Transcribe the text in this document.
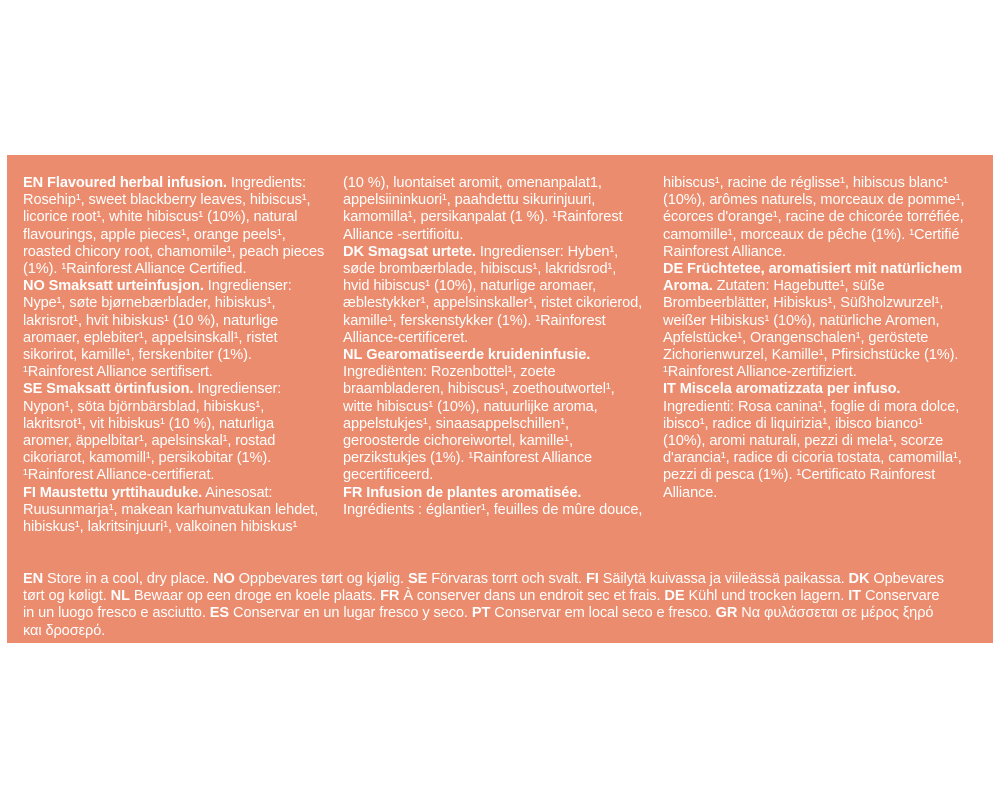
EN Flavoured herbal infusion. Ingredients: Rosehip¹, sweet blackberry leaves, hibiscus¹, licorice root¹, white hibiscus¹ (10%), natural flavourings, apple pieces¹, orange peels¹, roasted chicory root, chamomile¹, peach pieces (1%). ¹Rainforest Alliance Certified.

NO Smaksatt urteinfusjon. Ingredienser: Nype¹, søte bjørnebærblader, hibiskus¹, lakrisrot¹, hvit hibiskus¹ (10 %), naturlige aromaer, eplebiter¹, appelsinskall¹, ristet sikorirot, kamille¹, ferskenbiter (1%). ¹Rainforest Alliance sertifisert.

SE Smaksatt örtinfusion. Ingredienser: Nypon¹, söta björnbärsblad, hibiskus¹, lakritsrot¹, vit hibiskus¹ (10 %), naturliga aromer, äppelbitar¹, apelsinskal¹, rostad cikoriarot, kamomill¹, persikobitar (1%). ¹Rainforest Alliance-certifierat.

FI Maustettu yrttihauduke. Ainesosat: Ruusunmarja¹, makean karhunvatukan lehdet, hibiskus¹, lakritsinjuuri¹, valkoinen hibiskus¹

(10 %), luontaiset aromit, omenanpalat1, appelsiininkuori¹, paahdettu sikurinjuuri, kamomilla¹, persikanpalat (1 %). ¹Rainforest Alliance -sertifioitu.

DK Smagsat urtete. Ingredienser: Hyben¹, søde brombærblade, hibiscus¹, lakridsrod¹, hvid hibiscus¹ (10%), naturlige aromaer, æblestykker¹, appelsinskaller¹, ristet cikorierod, kamille¹, ferskenstykker (1%). ¹Rainforest Alliance-certificeret.

NL Gearomatiseerde kruideninfusie. Ingrediënten: Rozenbottel¹, zoete braambladeren, hibiscus¹, zoethoutwortel¹, witte hibiscus¹ (10%), natuurlijke aroma, appelstukjes¹, sinaasappelschillen¹, geroosterde cichoreiwortel, kamille¹, perzikstukjes (1%). ¹Rainforest Alliance gecertificeerd.

FR Infusion de plantes aromatisée. Ingrédients : églantier¹, feuilles de mûre douce,

hibiscus¹, racine de réglisse¹, hibiscus blanc¹ (10%), arômes naturels, morceaux de pomme¹, écorces d'orange¹, racine de chicorée torréfiée, camomille¹, morceaux de pêche (1%). ¹Certifié Rainforest Alliance.

DE Früchtetee, aromatisiert mit natürlichem Aroma. Zutaten: Hagebutte¹, süße Brombeerblätter, Hibiskus¹, Süßholzwurzel¹, weißer Hibiskus¹ (10%), natürliche Aromen, Apfelstücke¹, Orangenschalen¹, geröstete Zichorienwurzel, Kamille¹, Pfirsichstücke (1%). ¹Rainforest Alliance-zertifiziert.

IT Miscela aromatizzata per infuso. Ingredienti: Rosa canina¹, foglie di mora dolce, ibisco¹, radice di liquirizia¹, ibisco bianco¹ (10%), aromi naturali, pezzi di mela¹, scorze d'arancia¹, radice di cicoria tostata, camomilla¹, pezzi di pesca (1%). ¹Certificato Rainforest Alliance.

EN Store in a cool, dry place. NO Oppbevares tørt og kjølig. SE Förvaras torrt och svalt. FI Säilytä kuivassa ja viileässä paikassa. DK Opbevares tørt og køligt. NL Bewaar op een droge en koele plaats. FR À conserver dans un endroit sec et frais. DE Kühl und trocken lagern. IT Conservare in un luogo fresco e asciutto. ES Conservar en un lugar fresco y seco. PT Conservar em local seco e fresco. GR Να φυλάσσεται σε μέρος ξηρό και δροσερό.
